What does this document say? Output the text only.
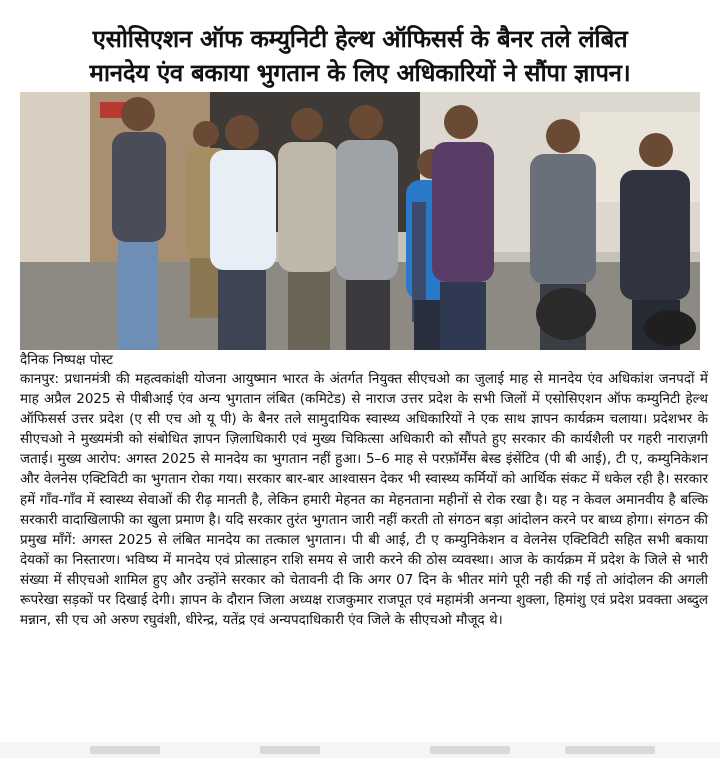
एसोसिएशन ऑफ कम्युनिटी हेल्थ ऑफिसर्स के बैनर तले लंबित
मानदेय एंव बकाया भुगतान के लिए अधिकारियों ने सौंपा ज्ञापन।
दैनिक निष्पक्ष पोस्ट
कानपुर: प्रधानमंत्री की महत्वकांक्षी योजना आयुष्मान भारत के अंतर्गत नियुक्त सीएचओ का जुलाई माह से मानदेय एंव अधिकांश जनपदों में माह अप्रैल 2025 से पीबीआई एंव अन्य भुगतान लंबित (कमिटेड) से नाराज उत्तर प्रदेश के सभी जिलों में एसोसिएशन ऑफ कम्युनिटी हेल्थ ऑफिसर्स उत्तर प्रदेश (ए सी एच ओ यू पी) के बैनर तले सामुदायिक स्वास्थ्य अधिकारियों ने एक साथ ज्ञापन कार्यक्रम चलाया। प्रदेशभर के सीएचओ ने मुख्यमंत्री को संबोधित ज्ञापन ज़िलाधिकारी एवं मुख्य चिकित्सा अधिकारी को सौंपते हुए सरकार की कार्यशैली पर गहरी नाराज़गी जताई। मुख्य आरोप: अगस्त 2025 से मानदेय का भुगतान नहीं हुआ। 5–6 माह से परफ़ॉर्मेंस बेस्ड इंसेंटिव (पी बी आई), टी ए, कम्युनिकेशन और वेलनेस एक्टिविटी का भुगतान रोका गया। सरकार बार-बार आश्वासन देकर भी स्वास्थ्य कर्मियों को आर्थिक संकट में धकेल रही है। सरकार हमें गाँव-गाँव में स्वास्थ्य सेवाओं की रीढ़ मानती है, लेकिन हमारी मेहनत का मेहनताना महीनों से रोक रखा है। यह न केवल अमानवीय है बल्कि सरकारी वादाखिलाफी का खुला प्रमाण है। यदि सरकार तुरंत भुगतान जारी नहीं करती तो संगठन बड़ा आंदोलन करने पर बाध्य होगा। संगठन की प्रमुख माँगें: अगस्त 2025 से लंबित मानदेय का तत्काल भुगतान। पी बी आई, टी ए कम्युनिकेशन व वेलनेस एक्टिविटी सहित सभी बकाया देयकों का निस्तारण। भविष्य में मानदेय एवं प्रोत्साहन राशि समय से जारी करने की ठोस व्यवस्था। आज के कार्यक्रम में प्रदेश के जिले से भारी संख्या में सीएचओ शामिल हुए और उन्होंने सरकार को चेतावनी दी कि अगर 07 दिन के भीतर मांगे पूरी नही की गई तो आंदोलन की अगली रूपरेखा सड़कों पर दिखाई देगी। ज्ञापन के दौरान जिला अध्यक्ष राजकुमार राजपूत एवं महामंत्री अनन्या शुक्ला, हिमांशु एवं प्रदेश प्रवक्ता अब्दुल मन्नान, सी एच ओ अरुण रघुवंशी, धीरेन्द्र, यतेंद्र एवं अन्यपदाधिकारी एंव जिले के सीएचओ मौजूद थे।
